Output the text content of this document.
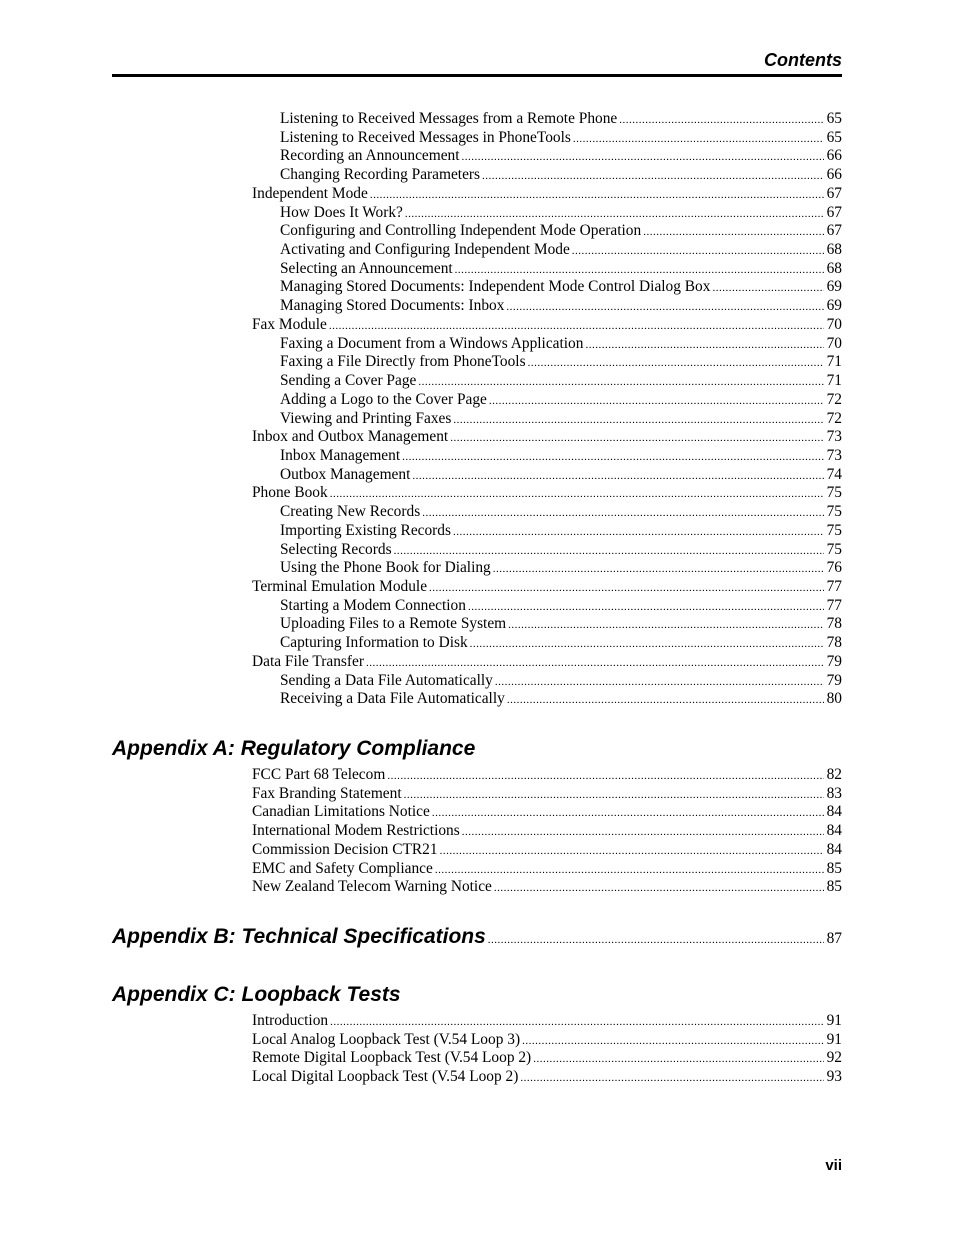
Contents
Listening to Received Messages from a Remote Phone .....	65
Listening to Received Messages in PhoneTools .....	65
Recording an Announcement .....	66
Changing Recording Parameters .....	66
Independent Mode .....	67
How Does It Work? .....	67
Configuring and Controlling Independent Mode Operation .....	67
Activating and Configuring Independent Mode .....	68
Selecting an Announcement .....	68
Managing Stored Documents: Independent Mode Control Dialog Box .....	69
Managing Stored Documents: Inbox .....	69
Fax Module .....	70
Faxing a Document from a Windows Application .....	70
Faxing a File Directly from PhoneTools .....	71
Sending a Cover Page .....	71
Adding a Logo to the Cover Page .....	72
Viewing and Printing Faxes .....	72
Inbox and Outbox Management .....	73
Inbox Management .....	73
Outbox Management .....	74
Phone Book .....	75
Creating New Records .....	75
Importing Existing Records .....	75
Selecting Records .....	75
Using the Phone Book for Dialing .....	76
Terminal Emulation Module .....	77
Starting a Modem Connection .....	77
Uploading Files to a Remote System .....	78
Capturing Information to Disk .....	78
Data File Transfer .....	79
Sending a Data File Automatically .....	79
Receiving a Data File Automatically .....	80
Appendix A: Regulatory Compliance
FCC Part 68 Telecom .....	82
Fax Branding Statement .....	83
Canadian Limitations Notice .....	84
International Modem Restrictions .....	84
Commission Decision CTR21 .....	84
EMC and Safety Compliance .....	85
New Zealand Telecom Warning Notice .....	85
Appendix B: Technical Specifications .....	87
Appendix C: Loopback Tests
Introduction .....	91
Local Analog Loopback Test (V.54 Loop 3) .....	91
Remote Digital Loopback Test (V.54 Loop 2) .....	92
Local Digital Loopback Test (V.54 Loop 2) .....	93
vii
